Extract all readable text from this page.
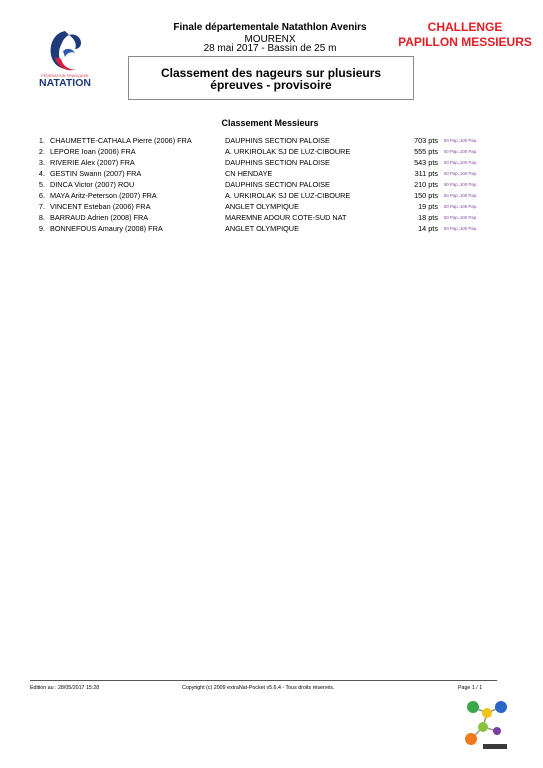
FÉDÉRATION FRANÇAISE
NATATION
Finale départementale Natathlon Avenirs
MOURENX
28 mai 2017 - Bassin de 25 m
CHALLENGE
PAPILLON MESSIEURS
Classement des nageurs sur plusieurs
épreuves - provisoire
Classement Messieurs
1. CHAUMETTE-CATHALA Pierre (2006) FRA	DAUPHINS SECTION PALOISE	703 pts 50 Pap.,100 Pap.
2. LEPORE Ioan (2006) FRA	A. URKIROLAK SJ DE LUZ-CIBOURE	555 pts 50 Pap.,100 Pap.
3. RIVERIE Alex (2007) FRA	DAUPHINS SECTION PALOISE	543 pts 50 Pap.,100 Pap.
4. GESTIN Swann (2007) FRA	CN HENDAYE	311 pts 50 Pap.,100 Pap.
5. DINCA Victor (2007) ROU	DAUPHINS SECTION PALOISE	210 pts 50 Pap.,100 Pap.
6. MAYA Aritz-Peterson (2007) FRA	A. URKIROLAK SJ DE LUZ-CIBOURE	150 pts 50 Pap.,100 Pap.
7. VINCENT Esteban (2006) FRA	ANGLET OLYMPIQUE	19 pts 50 Pap.,100 Pap.
8. BARRAUD Adrien (2008) FRA	MAREMNE ADOUR COTE-SUD NAT	18 pts 50 Pap.,100 Pap.
9. BONNEFOUS Amaury (2008) FRA	ANGLET OLYMPIQUE	14 pts 50 Pap.,100 Pap.
Edition au : 28/05/2017 15:28	Copyright (c) 2009 extraNat-Pocket v5.6.4 - Tous droits réservés.	Page 1 / 1
